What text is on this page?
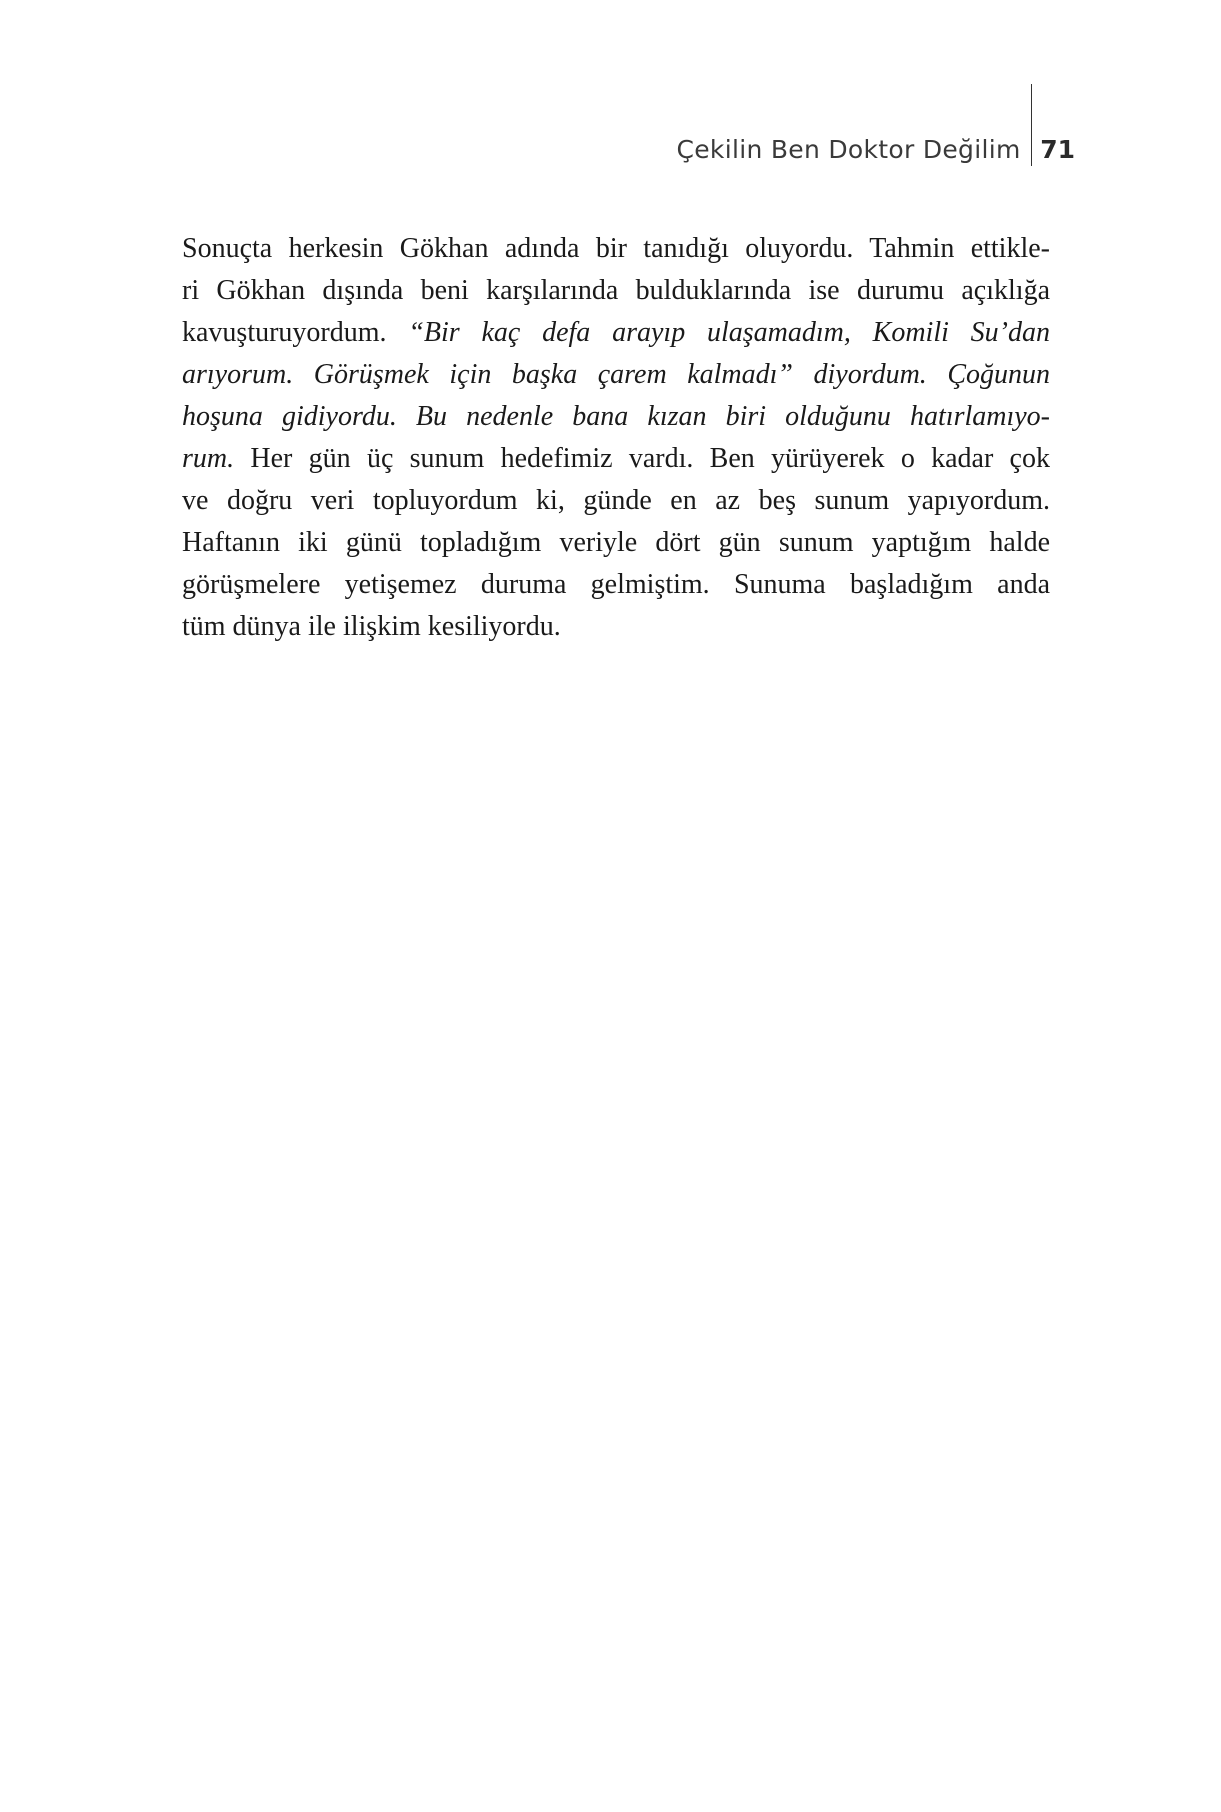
Çekilin Ben Doktor Değilim 71
Sonuçta herkesin Gökhan adında bir tanıdığı oluyordu. Tahmin ettikle-
ri Gökhan dışında beni karşılarında bulduklarında ise durumu açıklığa
kavuşturuyordum. “Bir kaç defa arayıp ulaşamadım, Komili Su’dan
arıyorum. Görüşmek için başka çarem kalmadı” diyordum. Çoğunun
hoşuna gidiyordu. Bu nedenle bana kızan biri olduğunu hatırlamıyo-
rum. Her gün üç sunum hedefimiz vardı. Ben yürüyerek o kadar çok
ve doğru veri topluyordum ki, günde en az beş sunum yapıyordum.
Haftanın iki günü topladığım veriyle dört gün sunum yaptığım halde
görüşmelere yetişemez duruma gelmiştim. Sunuma başladığım anda
tüm dünya ile ilişkim kesiliyordu.
